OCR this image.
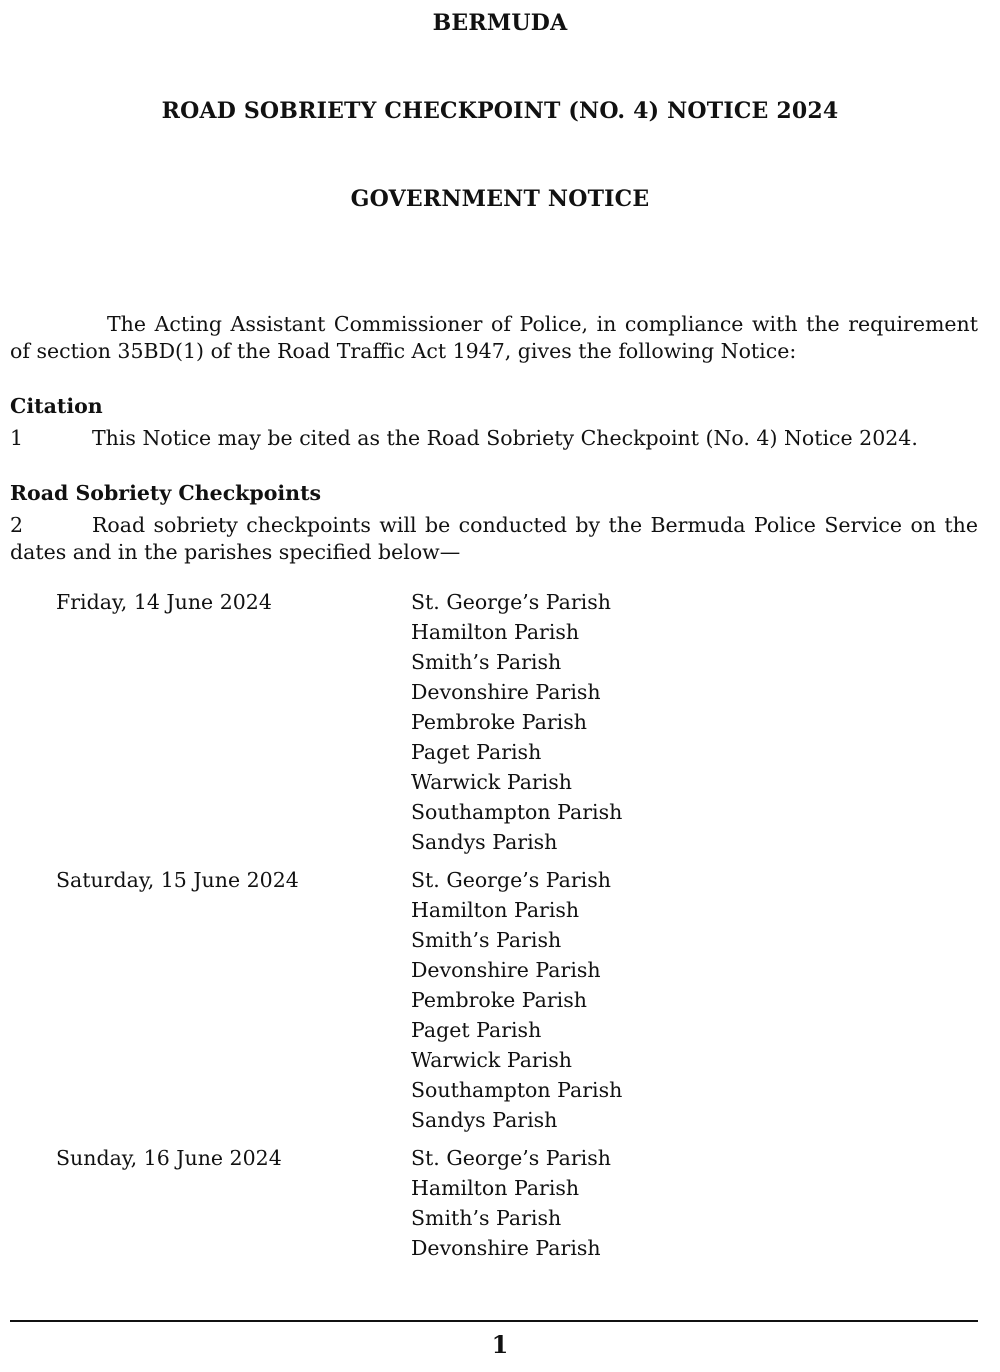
BERMUDA
ROAD SOBRIETY CHECKPOINT (NO. 4) NOTICE 2024
GOVERNMENT NOTICE
The Acting Assistant Commissioner of Police, in compliance with the requirement of section 35BD(1) of the Road Traffic Act 1947, gives the following Notice:
Citation
1	This Notice may be cited as the Road Sobriety Checkpoint (No. 4) Notice 2024.
Road Sobriety Checkpoints
2	Road sobriety checkpoints will be conducted by the Bermuda Police Service on the dates and in the parishes specified below—
Friday, 14 June 2024	St. George’s Parish
Hamilton Parish
Smith’s Parish
Devonshire Parish
Pembroke Parish
Paget Parish
Warwick Parish
Southampton Parish
Sandys Parish
Saturday, 15 June 2024	St. George’s Parish
Hamilton Parish
Smith’s Parish
Devonshire Parish
Pembroke Parish
Paget Parish
Warwick Parish
Southampton Parish
Sandys Parish
Sunday, 16 June 2024	St. George’s Parish
Hamilton Parish
Smith’s Parish
Devonshire Parish
1
